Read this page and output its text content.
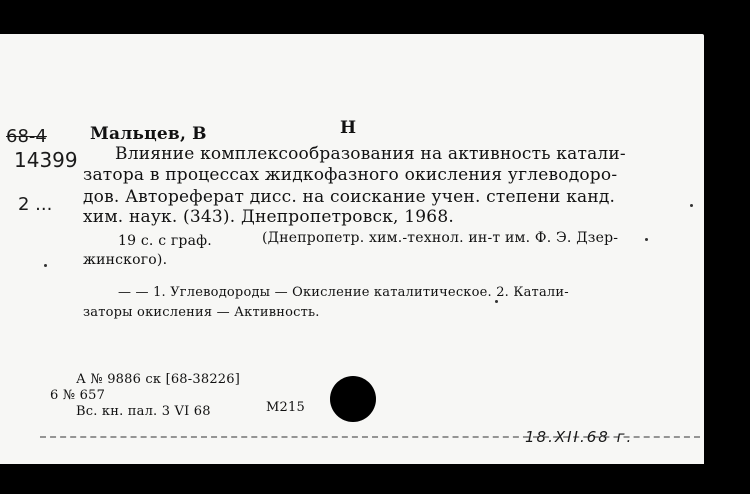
68-4
14399
2 ...
Мальцев, В	Н
Влияние комплексообразования на активность катали-
затора в процессах жидкофазного окисления углеводоро-
дов. Автореферат дисс. на соискание учен. степени канд.
хим. наук. (343). Днепропетровск, 1968.
19 с. с граф.	(Днепропетр. хим.-технол. ин-т им. Ф. Э. Дзер-
жинского).
— — 1. Углеводороды — Окисление каталитическое. 2. Катали-
заторы окисления — Активность.
А № 9886 ск [68-38226]
6 № 657
Вс. кн. пал. 3 VI 68	М215
18.XII.68 г.
